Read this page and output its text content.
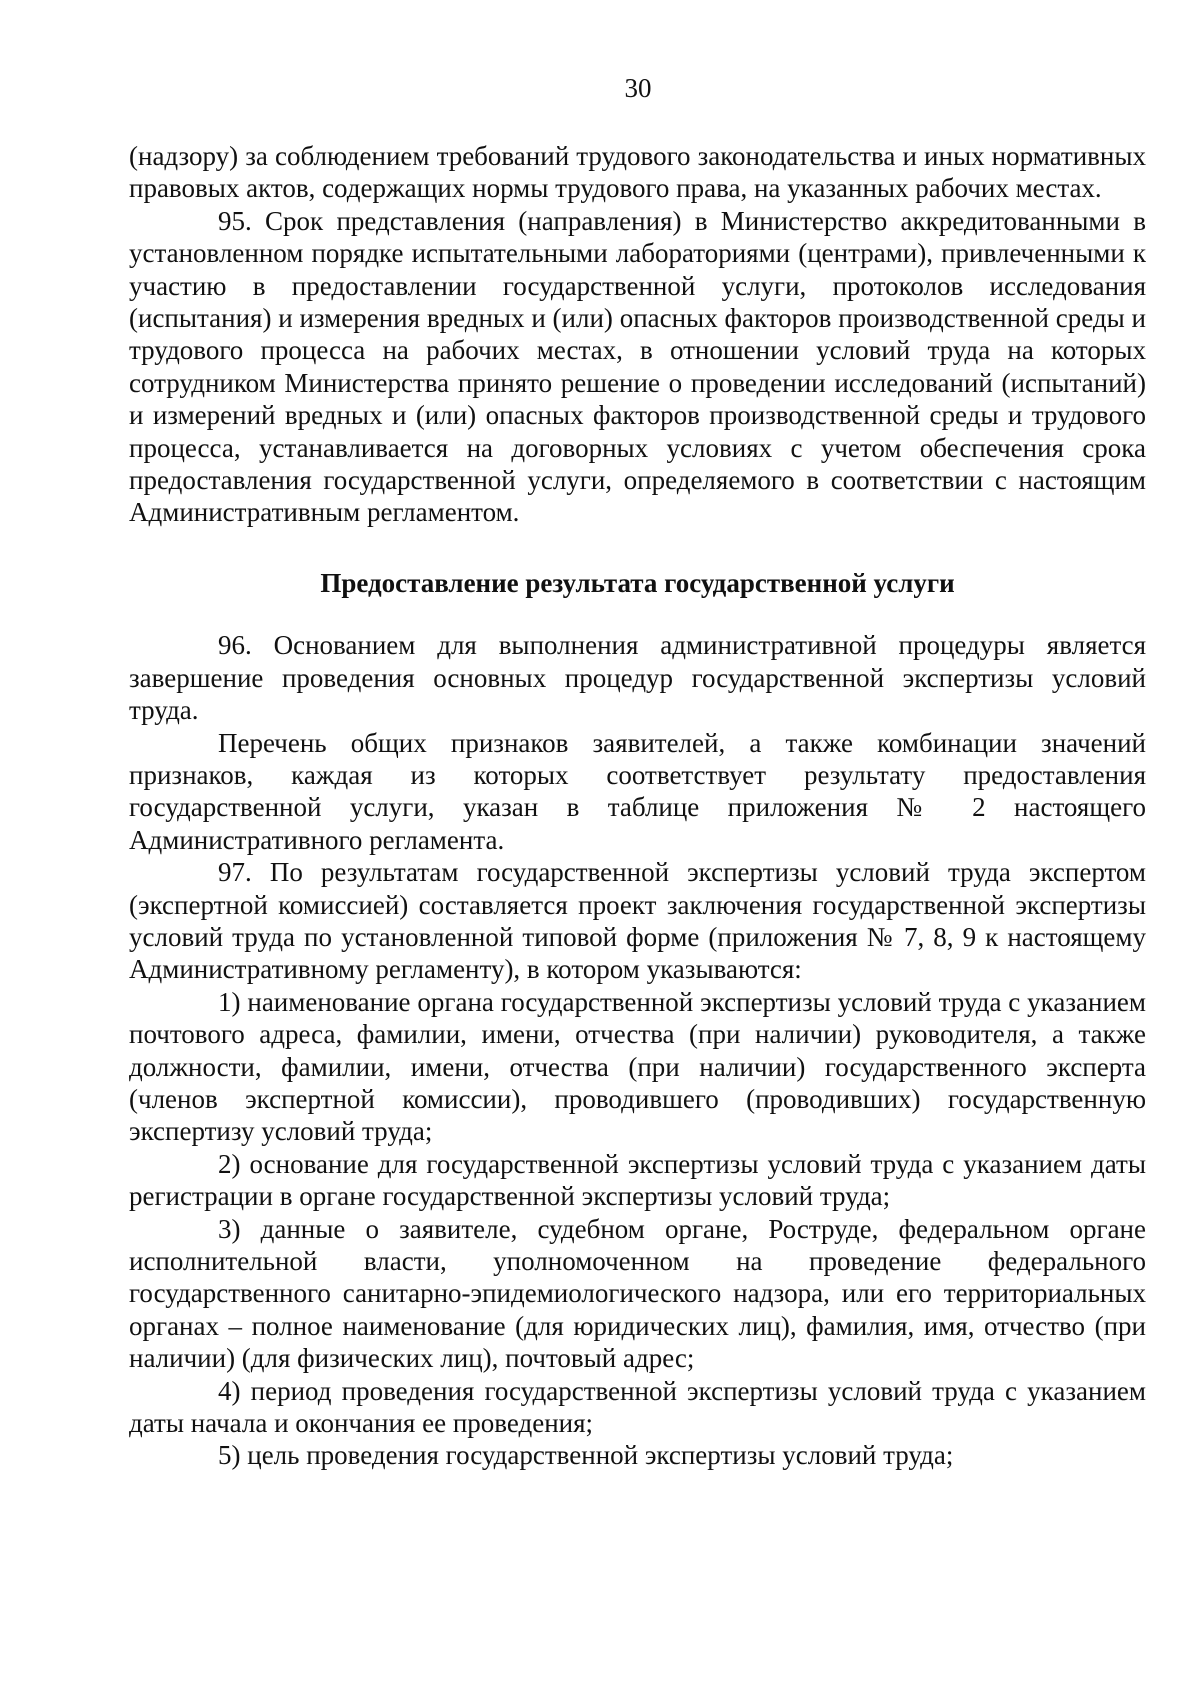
30

(надзору) за соблюдением требований трудового законодательства и иных нормативных правовых актов, содержащих нормы трудового права, на указанных рабочих местах.

95. Срок представления (направления) в Министерство аккредитованными в установленном порядке испытательными лабораториями (центрами), привлеченными к участию в предоставлении государственной услуги, протоколов исследования (испытания) и измерения вредных и (или) опасных факторов производственной среды и трудового процесса на рабочих местах, в отношении условий труда на которых сотрудником Министерства принято решение о проведении исследований (испытаний) и измерений вредных и (или) опасных факторов производственной среды и трудового процесса, устанавливается на договорных условиях с учетом обеспечения срока предоставления государственной услуги, определяемого в соответствии с настоящим Административным регламентом.

Предоставление результата государственной услуги

96. Основанием для выполнения административной процедуры является завершение проведения основных процедур государственной экспертизы условий труда.

Перечень общих признаков заявителей, а также комбинации значений признаков, каждая из которых соответствует результату предоставления государственной услуги, указан в таблице приложения № 2 настоящего Административного регламента.

97. По результатам государственной экспертизы условий труда экспертом (экспертной комиссией) составляется проект заключения государственной экспертизы условий труда по установленной типовой форме (приложения № 7, 8, 9 к настоящему Административному регламенту), в котором указываются:

1) наименование органа государственной экспертизы условий труда с указанием почтового адреса, фамилии, имени, отчества (при наличии) руководителя, а также должности, фамилии, имени, отчества (при наличии) государственного эксперта (членов экспертной комиссии), проводившего (проводивших) государственную экспертизу условий труда;

2) основание для государственной экспертизы условий труда с указанием даты регистрации в органе государственной экспертизы условий труда;

3) данные о заявителе, судебном органе, Роструде, федеральном органе исполнительной власти, уполномоченном на проведение федерального государственного санитарно-эпидемиологического надзора, или его территориальных органах – полное наименование (для юридических лиц), фамилия, имя, отчество (при наличии) (для физических лиц), почтовый адрес;

4) период проведения государственной экспертизы условий труда с указанием даты начала и окончания ее проведения;

5) цель проведения государственной экспертизы условий труда;
